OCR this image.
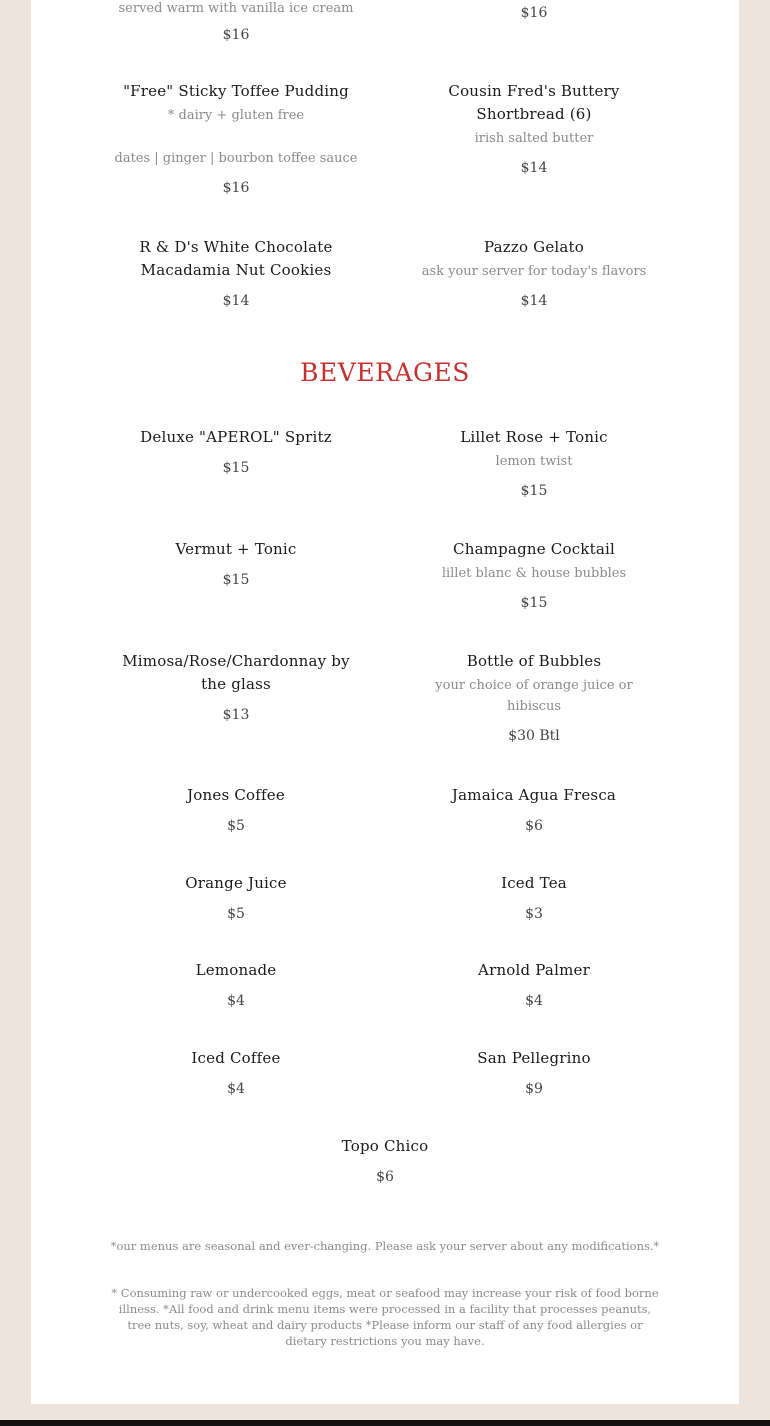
served warm with vanilla ice cream
$16
$16
"Free" Sticky Toffee Pudding
* dairy + gluten free
dates | ginger | bourbon toffee sauce
$16
Cousin Fred's Buttery Shortbread (6)
irish salted butter
$14
R & D's White Chocolate Macadamia Nut Cookies
$14
Pazzo Gelato
ask your server for today's flavors
$14
BEVERAGES
Deluxe "APEROL" Spritz
$15
Lillet Rose + Tonic
lemon twist
$15
Vermut + Tonic
$15
Champagne Cocktail
lillet blanc & house bubbles
$15
Mimosa/Rose/Chardonnay by the glass
$13
Bottle of Bubbles
your choice of orange juice or hibiscus
$30 Btl
Jones Coffee
$5
Jamaica Agua Fresca
$6
Orange Juice
$5
Iced Tea
$3
Lemonade
$4
Arnold Palmer
$4
Iced Coffee
$4
San Pellegrino
$9
Topo Chico
$6
*our menus are seasonal and ever-changing. Please ask your server about any modifications.*
* Consuming raw or undercooked eggs, meat or seafood may increase your risk of food borne illness. *All food and drink menu items were processed in a facility that processes peanuts, tree nuts, soy, wheat and dairy products *Please inform our staff of any food allergies or dietary restrictions you may have.
